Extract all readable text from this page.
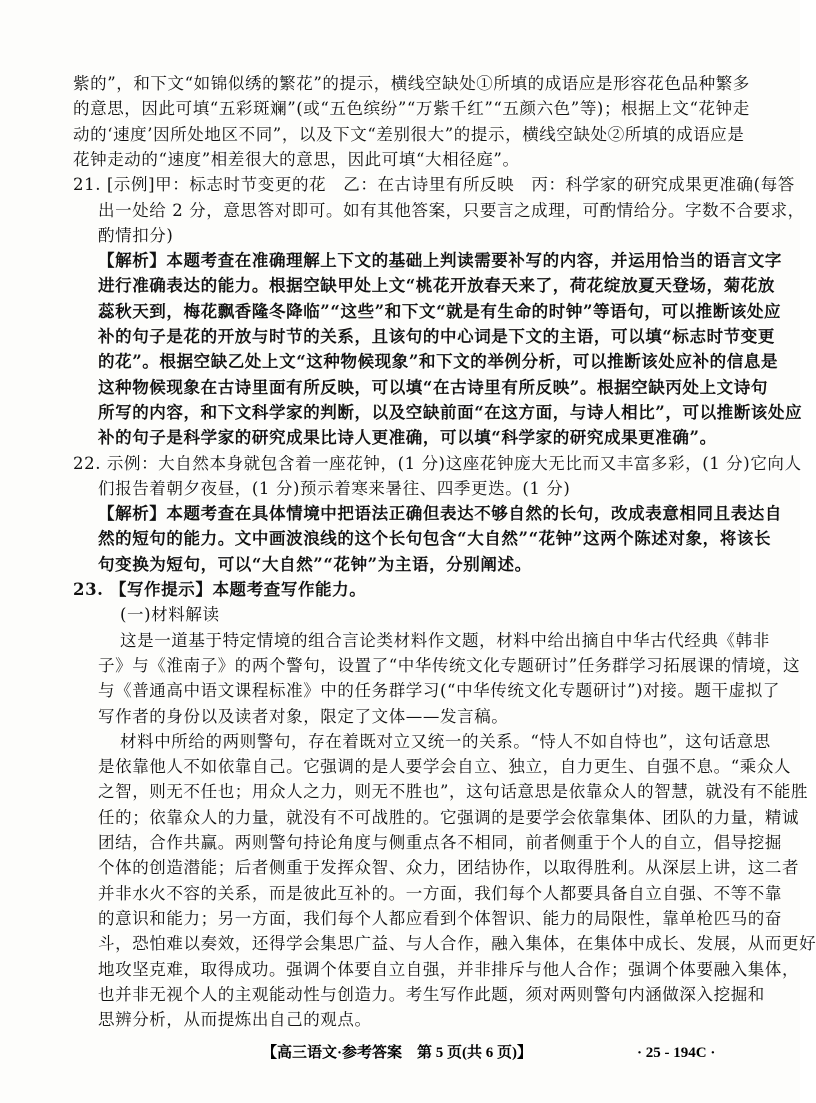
紫的”，和下文“如锦似绣的繁花”的提示，横线空缺处①所填的成语应是形容花色品种繁多
的意思，因此可填“五彩斑斓”(或“五色缤纷”“万紫千红”“五颜六色”等)；根据上文“花钟走
动的‘速度’因所处地区不同”，以及下文“差别很大”的提示，横线空缺处②所填的成语应是
花钟走动的“速度”相差很大的意思，因此可填“大相径庭”。
21. [示例]甲：标志时节变更的花　乙：在古诗里有所反映　丙：科学家的研究成果更准确(每答
出一处给 2 分，意思答对即可。如有其他答案，只要言之成理，可酌情给分。字数不合要求，
酌情扣分)
【解析】本题考查在准确理解上下文的基础上判读需要补写的内容，并运用恰当的语言文字
进行准确表达的能力。根据空缺甲处上文“桃花开放春天来了，荷花绽放夏天登场，菊花放
蕊秋天到，梅花飘香隆冬降临”“这些”和下文“就是有生命的时钟”等语句，可以推断该处应
补的句子是花的开放与时节的关系，且该句的中心词是下文的主语，可以填“标志时节变更
的花”。根据空缺乙处上文“这种物候现象”和下文的举例分析，可以推断该处应补的信息是
这种物候现象在古诗里面有所反映，可以填“在古诗里有所反映”。根据空缺丙处上文诗句
所写的内容，和下文科学家的判断，以及空缺前面“在这方面，与诗人相比”，可以推断该处应
补的句子是科学家的研究成果比诗人更准确，可以填“科学家的研究成果更准确”。
22. 示例：大自然本身就包含着一座花钟，(1 分)这座花钟庞大无比而又丰富多彩，(1 分)它向人
们报告着朝夕夜昼，(1 分)预示着寒来暑往、四季更迭。(1 分)
【解析】本题考查在具体情境中把语法正确但表达不够自然的长句，改成表意相同且表达自
然的短句的能力。文中画波浪线的这个长句包含“大自然”“花钟”这两个陈述对象，将该长
句变换为短句，可以“大自然”“花钟”为主语，分别阐述。
23. 【写作提示】本题考查写作能力。
(一)材料解读
这是一道基于特定情境的组合言论类材料作文题，材料中给出摘自中华古代经典《韩非
子》与《淮南子》的两个警句，设置了“中华传统文化专题研讨”任务群学习拓展课的情境，这
与《普通高中语文课程标准》中的任务群学习(“中华传统文化专题研讨”)对接。题干虚拟了
写作者的身份以及读者对象，限定了文体——发言稿。
材料中所给的两则警句，存在着既对立又统一的关系。“恃人不如自恃也”，这句话意思
是依靠他人不如依靠自己。它强调的是人要学会自立、独立，自力更生、自强不息。“乘众人
之智，则无不任也；用众人之力，则无不胜也”，这句话意思是依靠众人的智慧，就没有不能胜
任的；依靠众人的力量，就没有不可战胜的。它强调的是要学会依靠集体、团队的力量，精诚
团结，合作共赢。两则警句持论角度与侧重点各不相同，前者侧重于个人的自立，倡导挖掘
个体的创造潜能；后者侧重于发挥众智、众力，团结协作，以取得胜利。从深层上讲，这二者
并非水火不容的关系，而是彼此互补的。一方面，我们每个人都要具备自立自强、不等不靠
的意识和能力；另一方面，我们每个人都应看到个体智识、能力的局限性，靠单枪匹马的奋
斗，恐怕难以奏效，还得学会集思广益、与人合作，融入集体，在集体中成长、发展，从而更好
地攻坚克难，取得成功。强调个体要自立自强，并非排斥与他人合作；强调个体要融入集体，
也并非无视个人的主观能动性与创造力。考生写作此题，须对两则警句内涵做深入挖掘和
思辨分析，从而提炼出自己的观点。
【高三语文·参考答案　第 5 页(共 6 页)】	· 25 - 194C ·
